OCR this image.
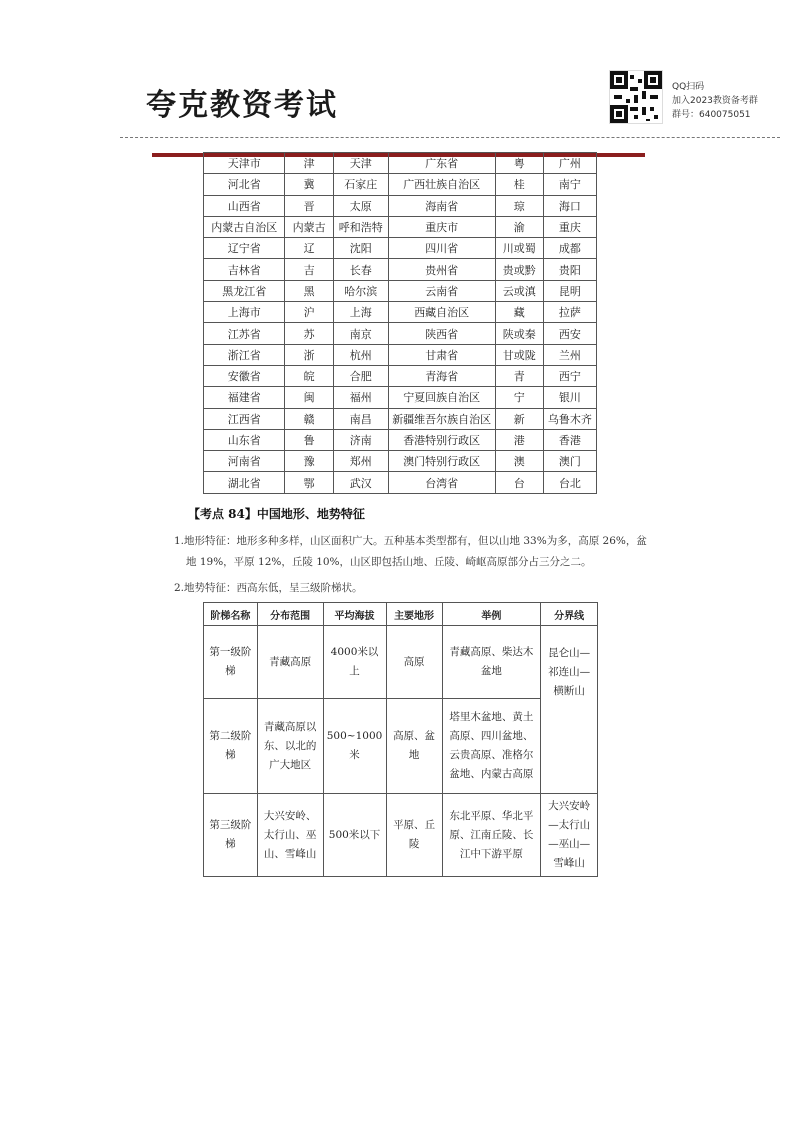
夸克教资考试
QQ扫码
加入2023教资备考群
群号：640075051
天津市	津	天津	广东省	粤	广州
河北省	冀	石家庄	广西壮族自治区	桂	南宁
山西省	晋	太原	海南省	琼	海口
内蒙古自治区	内蒙古	呼和浩特	重庆市	渝	重庆
辽宁省	辽	沈阳	四川省	川或蜀	成都
吉林省	吉	长春	贵州省	贵或黔	贵阳
黑龙江省	黑	哈尔滨	云南省	云或滇	昆明
上海市	沪	上海	西藏自治区	藏	拉萨
江苏省	苏	南京	陕西省	陕或秦	西安
浙江省	浙	杭州	甘肃省	甘或陇	兰州
安徽省	皖	合肥	青海省	青	西宁
福建省	闽	福州	宁夏回族自治区	宁	银川
江西省	赣	南昌	新疆维吾尔族自治区	新	乌鲁木齐
山东省	鲁	济南	香港特别行政区	港	香港
河南省	豫	郑州	澳门特别行政区	澳	澳门
湖北省	鄂	武汉	台湾省	台	台北
【考点 84】中国地形、地势特征
1.地形特征：地形多种多样，山区面积广大。五种基本类型都有，但以山地 33%为多，高原 26%，盆
地 19%，平原 12%，丘陵 10%，山区即包括山地、丘陵、崎岖高原部分占三分之二。
2.地势特征：西高东低，呈三级阶梯状。
阶梯名称	分布范围	平均海拔	主要地形	举例	分界线
第一级阶梯	青藏高原	4000米以上	高原	青藏高原、柴达木盆地	昆仑山—祁连山—横断山

第二级阶梯	青藏高原以东、以北的广大地区	500~1000米	高原、盆地	塔里木盆地、黄土高原、四川盆地、云贵高原、准格尔盆地、内蒙古高原	
第三级阶梯	大兴安岭、太行山、巫山、雪峰山	500米以下	平原、丘陵	东北平原、华北平原、江南丘陵、长江中下游平原	大兴安岭—太行山—巫山—雪峰山
